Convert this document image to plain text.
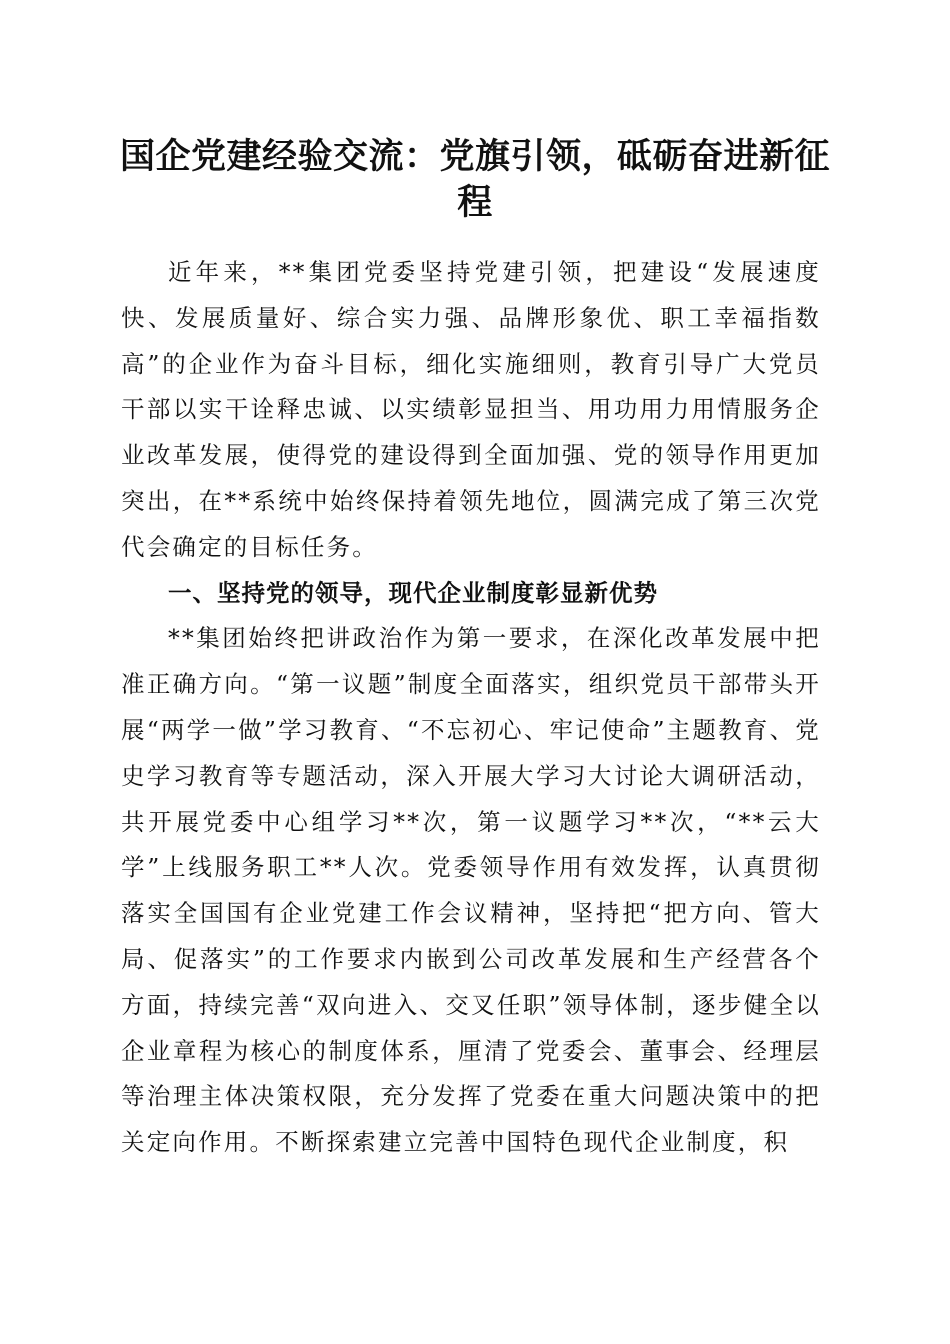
国企党建经验交流：党旗引领，砥砺奋进新征程

近年来，**集团党委坚持党建引领，把建设“发展速度快、发展质量好、综合实力强、品牌形象优、职工幸福指数高”的企业作为奋斗目标，细化实施细则，教育引导广大党员干部以实干诠释忠诚、以实绩彰显担当、用功用力用情服务企业改革发展，使得党的建设得到全面加强、党的领导作用更加突出，在**系统中始终保持着领先地位，圆满完成了第三次党代会确定的目标任务。

一、坚持党的领导，现代企业制度彰显新优势

**集团始终把讲政治作为第一要求，在深化改革发展中把准正确方向。“第一议题”制度全面落实，组织党员干部带头开展“两学一做”学习教育、“不忘初心、牢记使命”主题教育、党史学习教育等专题活动，深入开展大学习大讨论大调研活动，共开展党委中心组学习**次，第一议题学习**次，“**云大学”上线服务职工**人次。党委领导作用有效发挥，认真贯彻落实全国国有企业党建工作会议精神，坚持把“把方向、管大局、促落实”的工作要求内嵌到公司改革发展和生产经营各个方面，持续完善“双向进入、交叉任职”领导体制，逐步健全以企业章程为核心的制度体系，厘清了党委会、董事会、经理层等治理主体决策权限，充分发挥了党委在重大问题决策中的把关定向作用。不断探索建立完善中国特色现代企业制度，积
